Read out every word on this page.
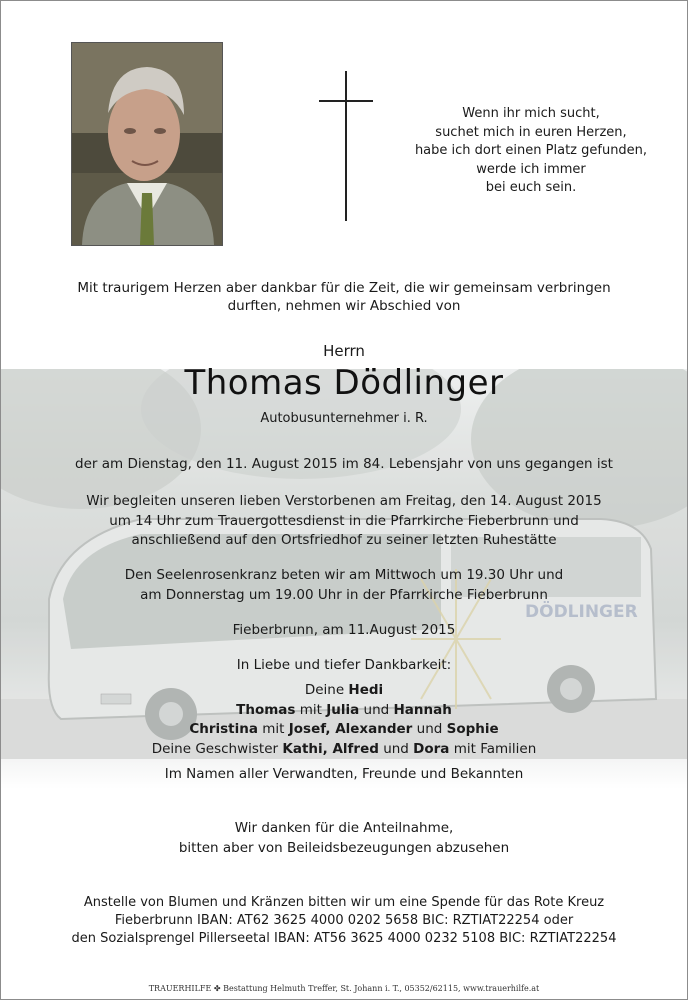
DÖDLINGER
Wenn ihr mich sucht,
suchet mich in euren Herzen,
habe ich dort einen Platz gefunden,
werde ich immer
bei euch sein.
Mit traurigem Herzen aber dankbar für die Zeit, die wir gemeinsam verbringen
durften, nehmen wir Abschied von
Herrn
Thomas Dödlinger
Autobusunternehmer i. R.
der am Dienstag, den 11. August 2015 im 84. Lebensjahr von uns gegangen ist
Wir begleiten unseren lieben Verstorbenen am Freitag, den 14. August 2015
um 14 Uhr zum Trauergottesdienst in die Pfarrkirche Fieberbrunn und
anschließend auf den Ortsfriedhof zu seiner letzten Ruhestätte
Den Seelenrosenkranz beten wir am Mittwoch um 19.30 Uhr und
am Donnerstag um 19.00 Uhr in der Pfarrkirche Fieberbrunn
Fieberbrunn, am 11.August 2015
In Liebe und tiefer Dankbarkeit:
Deine Hedi
Thomas mit Julia und Hannah
Christina mit Josef, Alexander und Sophie
Deine Geschwister Kathi, Alfred und Dora mit Familien
Im Namen aller Verwandten, Freunde und Bekannten
Wir danken für die Anteilnahme,
bitten aber von Beileidsbezeugungen abzusehen
Anstelle von Blumen und Kränzen bitten wir um eine Spende für das Rote Kreuz
Fieberbrunn IBAN: AT62 3625 4000 0202 5658 BIC: RZTIAT22254 oder
den Sozialsprengel Pillerseetal IBAN: AT56 3625 4000 0232 5108 BIC: RZTIAT22254
TRAUERHILFE ✤ Bestattung Helmuth Treffer, St. Johann i. T., 05352/62115, www.trauerhilfe.at
